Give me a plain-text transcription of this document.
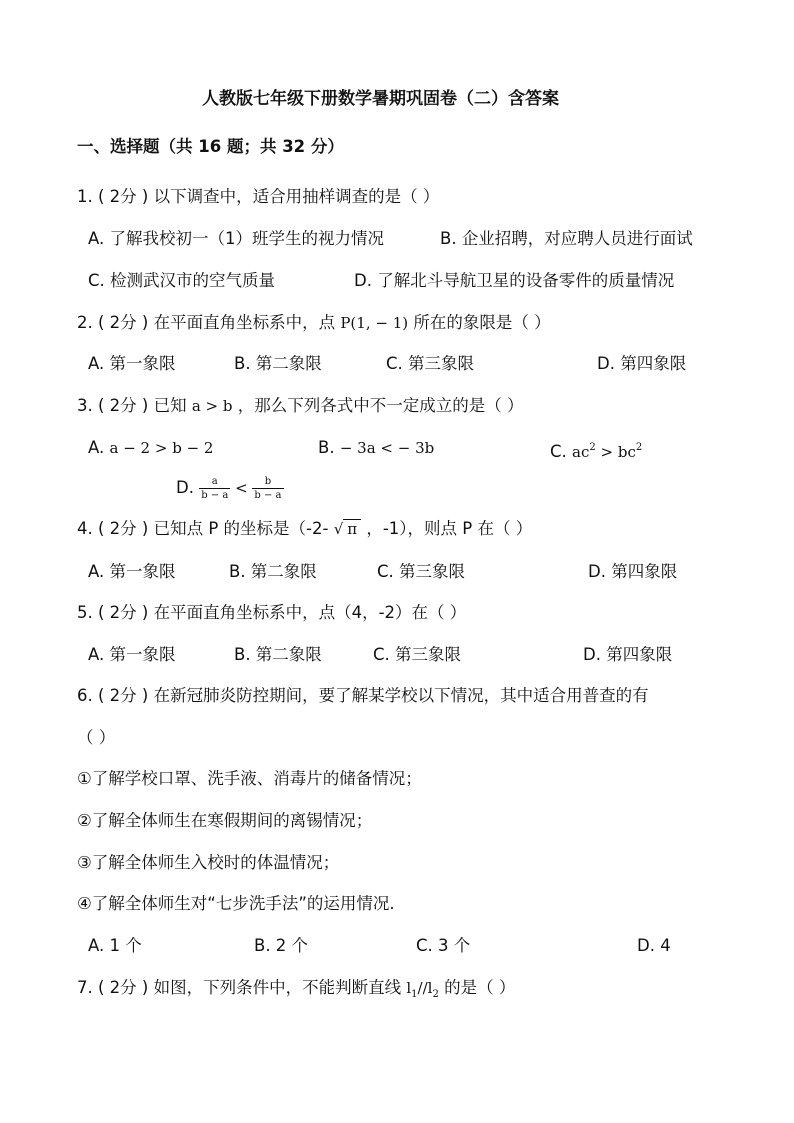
人教版七年级下册数学暑期巩固卷（二）含答案
一、选择题（共 16 题；共 32 分）
1. ( 2分 ) 以下调查中，适合用抽样调查的是（ ）
A. 了解我校初一（1）班学生的视力情况	B. 企业招聘，对应聘人员进行面试
C. 检测武汉市的空气质量	D. 了解北斗导航卫星的设备零件的质量情况
2. ( 2分 ) 在平面直角坐标系中，点 P(1, − 1) 所在的象限是（ ）
A. 第一象限	B. 第二象限	C. 第三象限	D. 第四象限
3. ( 2分 ) 已知 a > b ，那么下列各式中不一定成立的是（ ）
A. a − 2 > b − 2	B. − 3a < − 3b	C. $ac^2 > bc^2$
D. $\frac{a}{b - a} < \frac{b}{b - a}$
4. ( 2分 ) 已知点 P 的坐标是（-2- √ π ，-1），则点 P 在（ ）
A. 第一象限	B. 第二象限	C. 第三象限	D. 第四象限
5. ( 2分 ) 在平面直角坐标系中，点（4，-2）在（ ）
A. 第一象限	B. 第二象限	C. 第三象限	D. 第四象限
6. ( 2分 ) 在新冠肺炎防控期间，要了解某学校以下情况，其中适合用普查的有
（ ）
①了解学校口罩、洗手液、消毒片的储备情况；
②了解全体师生在寒假期间的离锡情况；
③了解全体师生入校时的体温情况；
④了解全体师生对“七步洗手法”的运用情况.
A. 1 个	B. 2 个	C. 3 个	D. 4
7. ( 2分 ) 如图，下列条件中，不能判断直线 $l_1//l_2$ 的是（ ）
